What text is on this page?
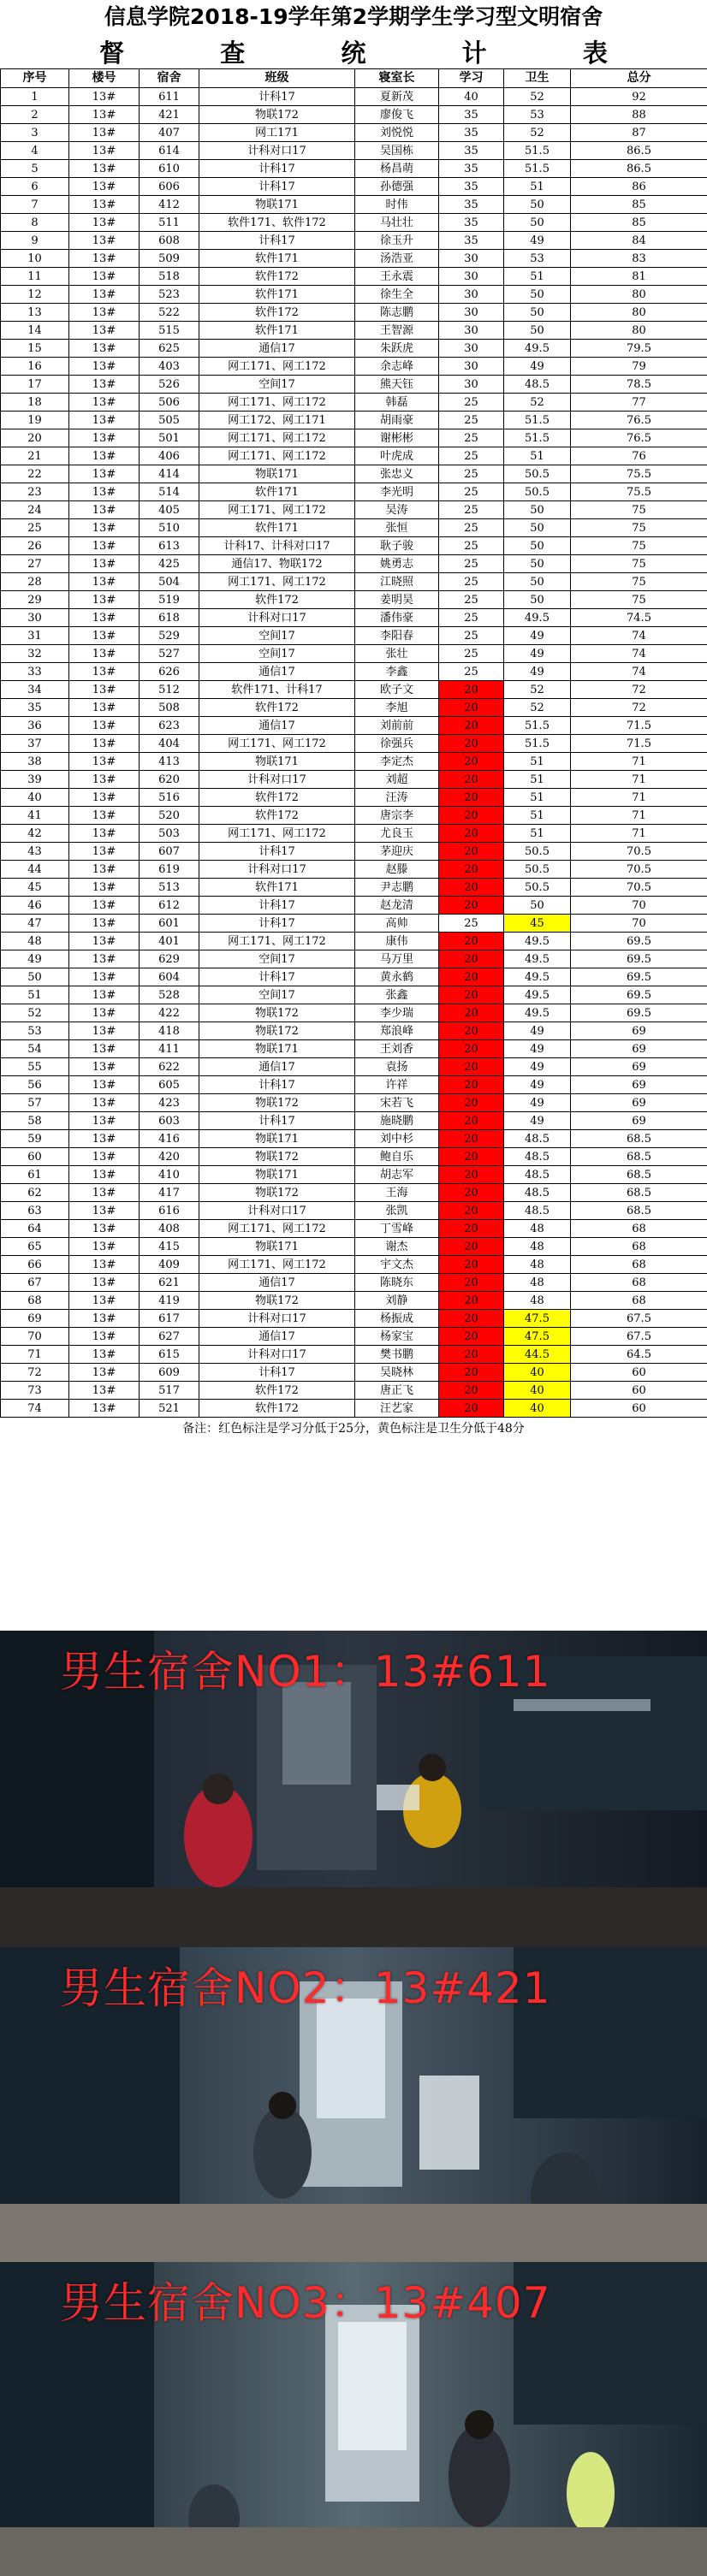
信息学院2018-19学年第2学期学生学习型文明宿舍
督	查	统	计	表
序号	楼号	宿舍	班级	寝室长	学习	卫生	总分
1	13#	611	计科17	夏新茂	40	52	92
2	13#	421	物联172	廖俊飞	35	53	88
3	13#	407	网工171	刘悦悦	35	52	87
4	13#	614	计科对口17	吴国栋	35	51.5	86.5
5	13#	610	计科17	杨昌萌	35	51.5	86.5
6	13#	606	计科17	孙德强	35	51	86
7	13#	412	物联171	时伟	35	50	85
8	13#	511	软件171、软件172	马壮壮	35	50	85
9	13#	608	计科17	徐玉升	35	49	84
10	13#	509	软件171	汤浩亚	30	53	83
11	13#	518	软件172	王永震	30	51	81
12	13#	523	软件171	徐生全	30	50	80
13	13#	522	软件172	陈志鹏	30	50	80
14	13#	515	软件171	王智源	30	50	80
15	13#	625	通信17	朱跃虎	30	49.5	79.5
16	13#	403	网工171、网工172	余志峰	30	49	79
17	13#	526	空间17	熊天钰	30	48.5	78.5
18	13#	506	网工171、网工172	韩磊	25	52	77
19	13#	505	网工172、网工171	胡雨豪	25	51.5	76.5
20	13#	501	网工171、网工172	谢彬彬	25	51.5	76.5
21	13#	406	网工171、网工172	叶虎成	25	51	76
22	13#	414	物联171	张忠义	25	50.5	75.5
23	13#	514	软件171	李光明	25	50.5	75.5
24	13#	405	网工171、网工172	吴涛	25	50	75
25	13#	510	软件171	张恒	25	50	75
26	13#	613	计科17、计科对口17	耿子骏	25	50	75
27	13#	425	通信17、物联172	姚勇志	25	50	75
28	13#	504	网工171、网工172	江晓照	25	50	75
29	13#	519	软件172	姜明昊	25	50	75
30	13#	618	计科对口17	潘伟豪	25	49.5	74.5
31	13#	529	空间17	李阳春	25	49	74
32	13#	527	空间17	张壮	25	49	74
33	13#	626	通信17	李鑫	25	49	74
34	13#	512	软件171、计科17	欧子文	20	52	72
35	13#	508	软件172	李旭	20	52	72
36	13#	623	通信17	刘前前	20	51.5	71.5
37	13#	404	网工171、网工172	徐强兵	20	51.5	71.5
38	13#	413	物联171	李定杰	20	51	71
39	13#	620	计科对口17	刘超	20	51	71
40	13#	516	软件172	汪涛	20	51	71
41	13#	520	软件172	唐宗李	20	51	71
42	13#	503	网工171、网工172	尤良玉	20	51	71
43	13#	607	计科17	茅迎庆	20	50.5	70.5
44	13#	619	计科对口17	赵滕	20	50.5	70.5
45	13#	513	软件171	尹志鹏	20	50.5	70.5
46	13#	612	计科17	赵龙清	20	50	70
47	13#	601	计科17	高帅	25	45	70
48	13#	401	网工171、网工172	康伟	20	49.5	69.5
49	13#	629	空间17	马万里	20	49.5	69.5
50	13#	604	计科17	黄永鹤	20	49.5	69.5
51	13#	528	空间17	张鑫	20	49.5	69.5
52	13#	422	物联172	李少瑞	20	49.5	69.5
53	13#	418	物联172	郑浪峰	20	49	69
54	13#	411	物联171	王刘香	20	49	69
55	13#	622	通信17	袁扬	20	49	69
56	13#	605	计科17	许祥	20	49	69
57	13#	423	物联172	宋若飞	20	49	69
58	13#	603	计科17	施晓鹏	20	49	69
59	13#	416	物联171	刘中杉	20	48.5	68.5
60	13#	420	物联172	鲍自乐	20	48.5	68.5
61	13#	410	物联171	胡志军	20	48.5	68.5
62	13#	417	物联172	王海	20	48.5	68.5
63	13#	616	计科对口17	张凯	20	48.5	68.5
64	13#	408	网工171、网工172	丁雪峰	20	48	68
65	13#	415	物联171	谢杰	20	48	68
66	13#	409	网工171、网工172	宇文杰	20	48	68
67	13#	621	通信17	陈晓东	20	48	68
68	13#	419	物联172	刘静	20	48	68
69	13#	617	计科对口17	杨振成	20	47.5	67.5
70	13#	627	通信17	杨家宝	20	47.5	67.5
71	13#	615	计科对口17	樊书鹏	20	44.5	64.5
72	13#	609	计科17	吴晓林	20	40	60
73	13#	517	软件172	唐正飞	20	40	60
74	13#	521	软件172	汪艺家	20	40	60
备注：红色标注是学习分低于25分，黄色标注是卫生分低于48分
男生宿舍NO1：13#611
男生宿舍NO2：13#421
男生宿舍NO3：13#407
